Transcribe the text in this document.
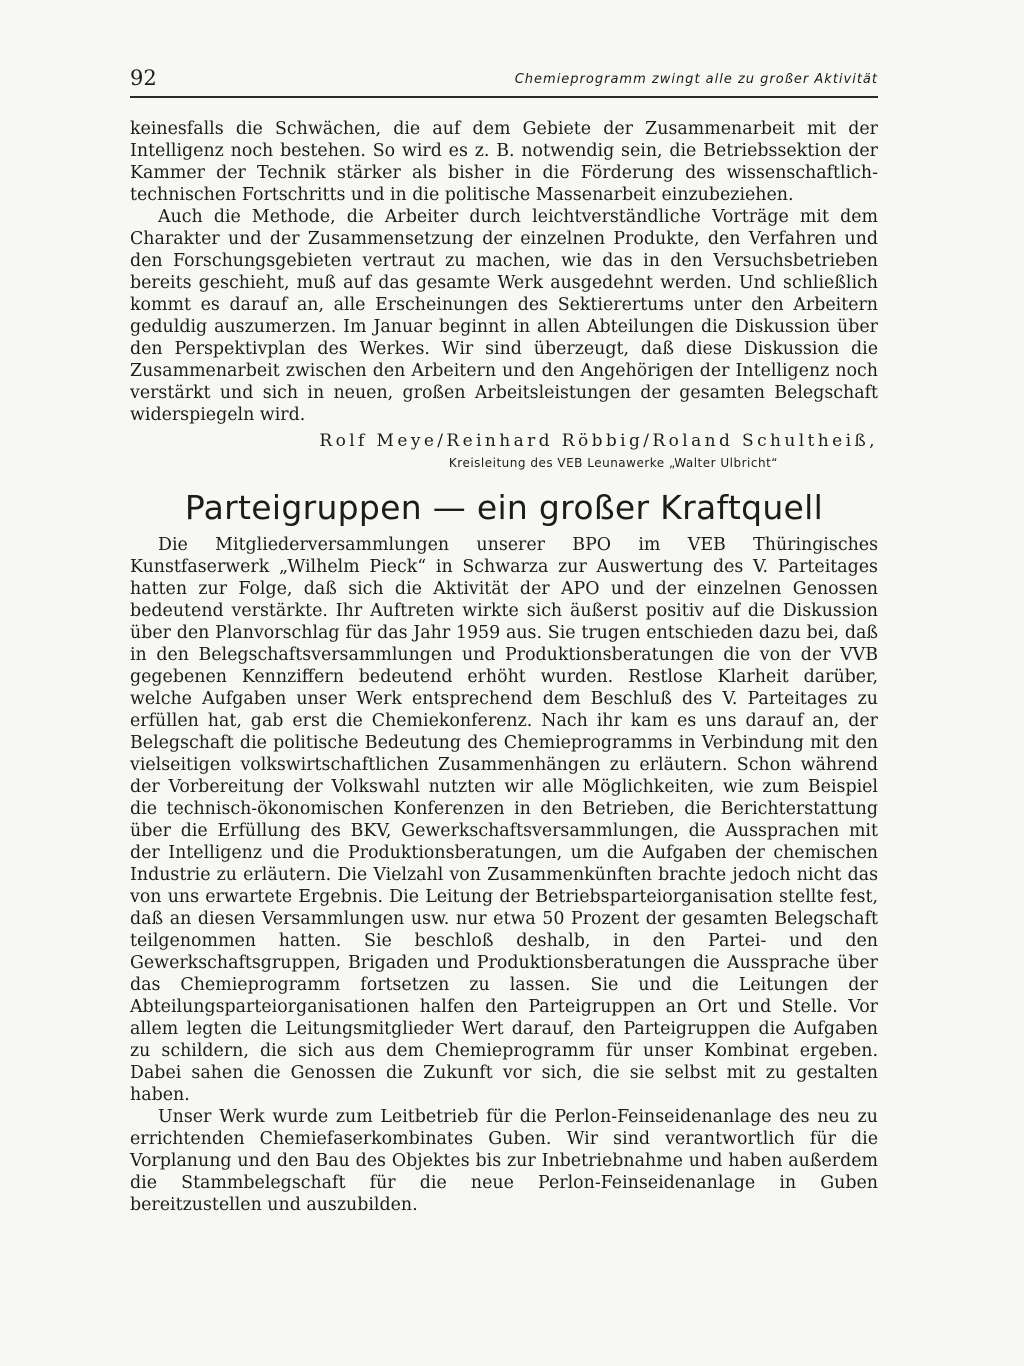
92	Chemieprogramm zwingt alle zu großer Aktivität

keinesfalls die Schwächen, die auf dem Gebiete der Zusammenarbeit mit der Intelligenz noch bestehen. So wird es z. B. notwendig sein, die Betriebssektion der Kammer der Technik stärker als bisher in die Förderung des wissenschaftlich-technischen Fortschritts und in die politische Massenarbeit einzubeziehen.

Auch die Methode, die Arbeiter durch leichtverständliche Vorträge mit dem Charakter und der Zusammensetzung der einzelnen Produkte, den Verfahren und den Forschungsgebieten vertraut zu machen, wie das in den Versuchsbetrieben bereits geschieht, muß auf das gesamte Werk ausgedehnt werden. Und schließlich kommt es darauf an, alle Erscheinungen des Sektierertums unter den Arbeitern geduldig auszumerzen. Im Januar beginnt in allen Abteilungen die Diskussion über den Perspektivplan des Werkes. Wir sind überzeugt, daß diese Diskussion die Zusammenarbeit zwischen den Arbeitern und den Angehörigen der Intelligenz noch verstärkt und sich in neuen, großen Arbeitsleistungen der gesamten Belegschaft widerspiegeln wird.

Rolf Meye/Reinhard Röbbig/Roland Schultheiß,
Kreisleitung des VEB Leunawerke „Walter Ulbricht“
Parteigruppen — ein großer Kraftquell

Die Mitgliederversammlungen unserer BPO im VEB Thüringisches Kunstfaserwerk „Wilhelm Pieck“ in Schwarza zur Auswertung des V. Parteitages hatten zur Folge, daß sich die Aktivität der APO und der einzelnen Genossen bedeutend verstärkte. Ihr Auftreten wirkte sich äußerst positiv auf die Diskussion über den Planvorschlag für das Jahr 1959 aus. Sie trugen entschieden dazu bei, daß in den Belegschaftsversammlungen und Produktionsberatungen die von der VVB gegebenen Kennziffern bedeutend erhöht wurden. Restlose Klarheit darüber, welche Aufgaben unser Werk entsprechend dem Beschluß des V. Parteitages zu erfüllen hat, gab erst die Chemiekonferenz. Nach ihr kam es uns darauf an, der Belegschaft die politische Bedeutung des Chemieprogramms in Verbindung mit den vielseitigen volkswirtschaftlichen Zusammenhängen zu erläutern. Schon während der Vorbereitung der Volkswahl nutzten wir alle Möglichkeiten, wie zum Beispiel die technisch-ökonomischen Konferenzen in den Betrieben, die Berichterstattung über die Erfüllung des BKV, Gewerkschaftsversammlungen, die Aussprachen mit der Intelligenz und die Produktionsberatungen, um die Aufgaben der chemischen Industrie zu erläutern. Die Vielzahl von Zusammenkünften brachte jedoch nicht das von uns erwartete Ergebnis. Die Leitung der Betriebsparteiorganisation stellte fest, daß an diesen Versammlungen usw. nur etwa 50 Prozent der gesamten Belegschaft teilgenommen hatten. Sie beschloß deshalb, in den Partei- und den Gewerkschaftsgruppen, Brigaden und Produktionsberatungen die Aussprache über das Chemieprogramm fortsetzen zu lassen. Sie und die Leitungen der Abteilungsparteiorganisationen halfen den Parteigruppen an Ort und Stelle. Vor allem legten die Leitungsmitglieder Wert darauf, den Parteigruppen die Aufgaben zu schildern, die sich aus dem Chemieprogramm für unser Kombinat ergeben. Dabei sahen die Genossen die Zukunft vor sich, die sie selbst mit zu gestalten haben.

Unser Werk wurde zum Leitbetrieb für die Perlon-Feinseidenanlage des neu zu errichtenden Chemiefaserkombinates Guben. Wir sind verantwortlich für die Vorplanung und den Bau des Objektes bis zur Inbetriebnahme und haben außerdem die Stammbelegschaft für die neue Perlon-Feinseidenanlage in Guben bereitzustellen und auszubilden.
